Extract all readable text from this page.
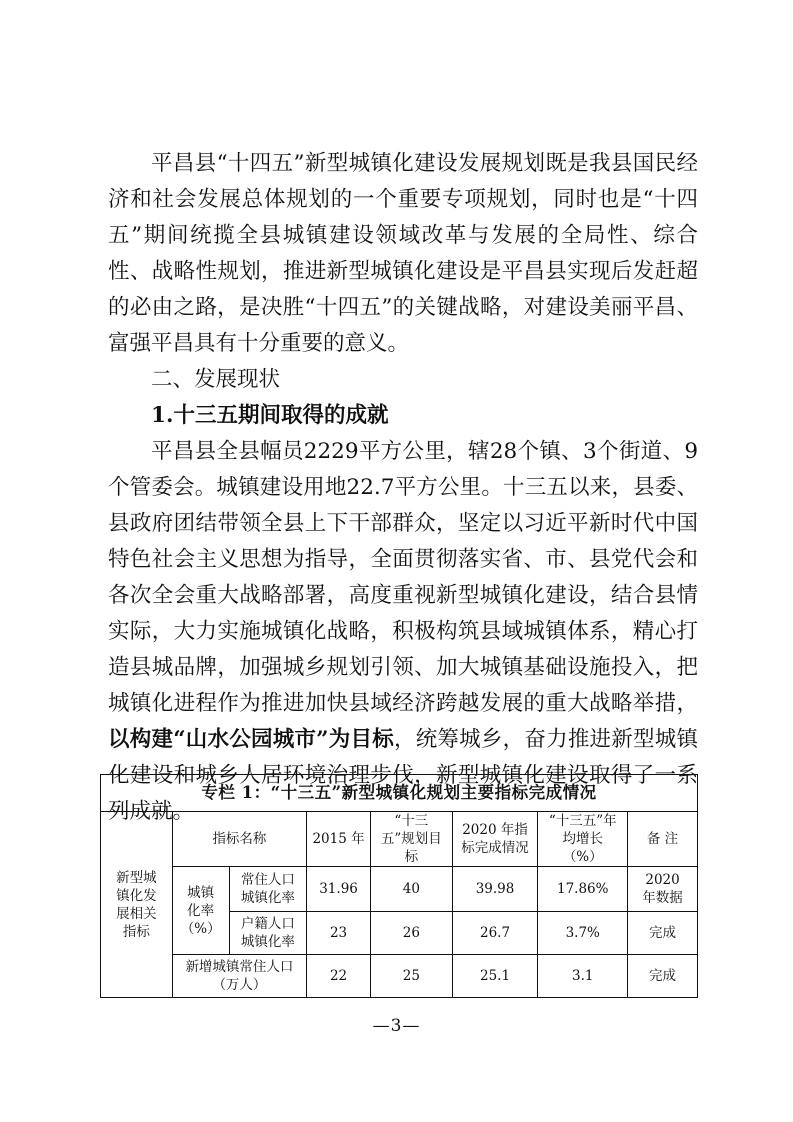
平昌县“十四五”新型城镇化建设发展规划既是我县国民经济和社会发展总体规划的一个重要专项规划，同时也是“十四五”期间统揽全县城镇建设领域改革与发展的全局性、综合性、战略性规划，推进新型城镇化建设是平昌县实现后发赶超的必由之路，是决胜“十四五”的关键战略，对建设美丽平昌、富强平昌具有十分重要的意义。

二、发展现状

1.十三五期间取得的成就

平昌县全县幅员2229平方公里，辖28个镇、3个街道、9个管委会。城镇建设用地22.7平方公里。十三五以来，县委、县政府团结带领全县上下干部群众，坚定以习近平新时代中国特色社会主义思想为指导，全面贯彻落实省、市、县党代会和各次全会重大战略部署，高度重视新型城镇化建设，结合县情实际，大力实施城镇化战略，积极构筑县域城镇体系，精心打造县城品牌，加强城乡规划引领、加大城镇基础设施投入，把城镇化进程作为推进加快县域经济跨越发展的重大战略举措，以构建“山水公园城市”为目标，统筹城乡，奋力推进新型城镇化建设和城乡人居环境治理步伐，新型城镇化建设取得了一系列成就。

专栏 1：“十三五”新型城镇化规划主要指标完成情况							
新型城镇化发展相关指标	指标名称		2015 年	“十三五”规划目标	2020 年指标完成情况	“十三五”年均增长（%）	备 注
	城镇化率（%）	常住人口城镇化率	31.96	40	39.98	17.86%	2020 年数据
		户籍人口城镇化率	23	26	26.7	3.7%	完成
	新增城镇常住人口（万人）		22	25	25.1	3.1	完成
—3—
